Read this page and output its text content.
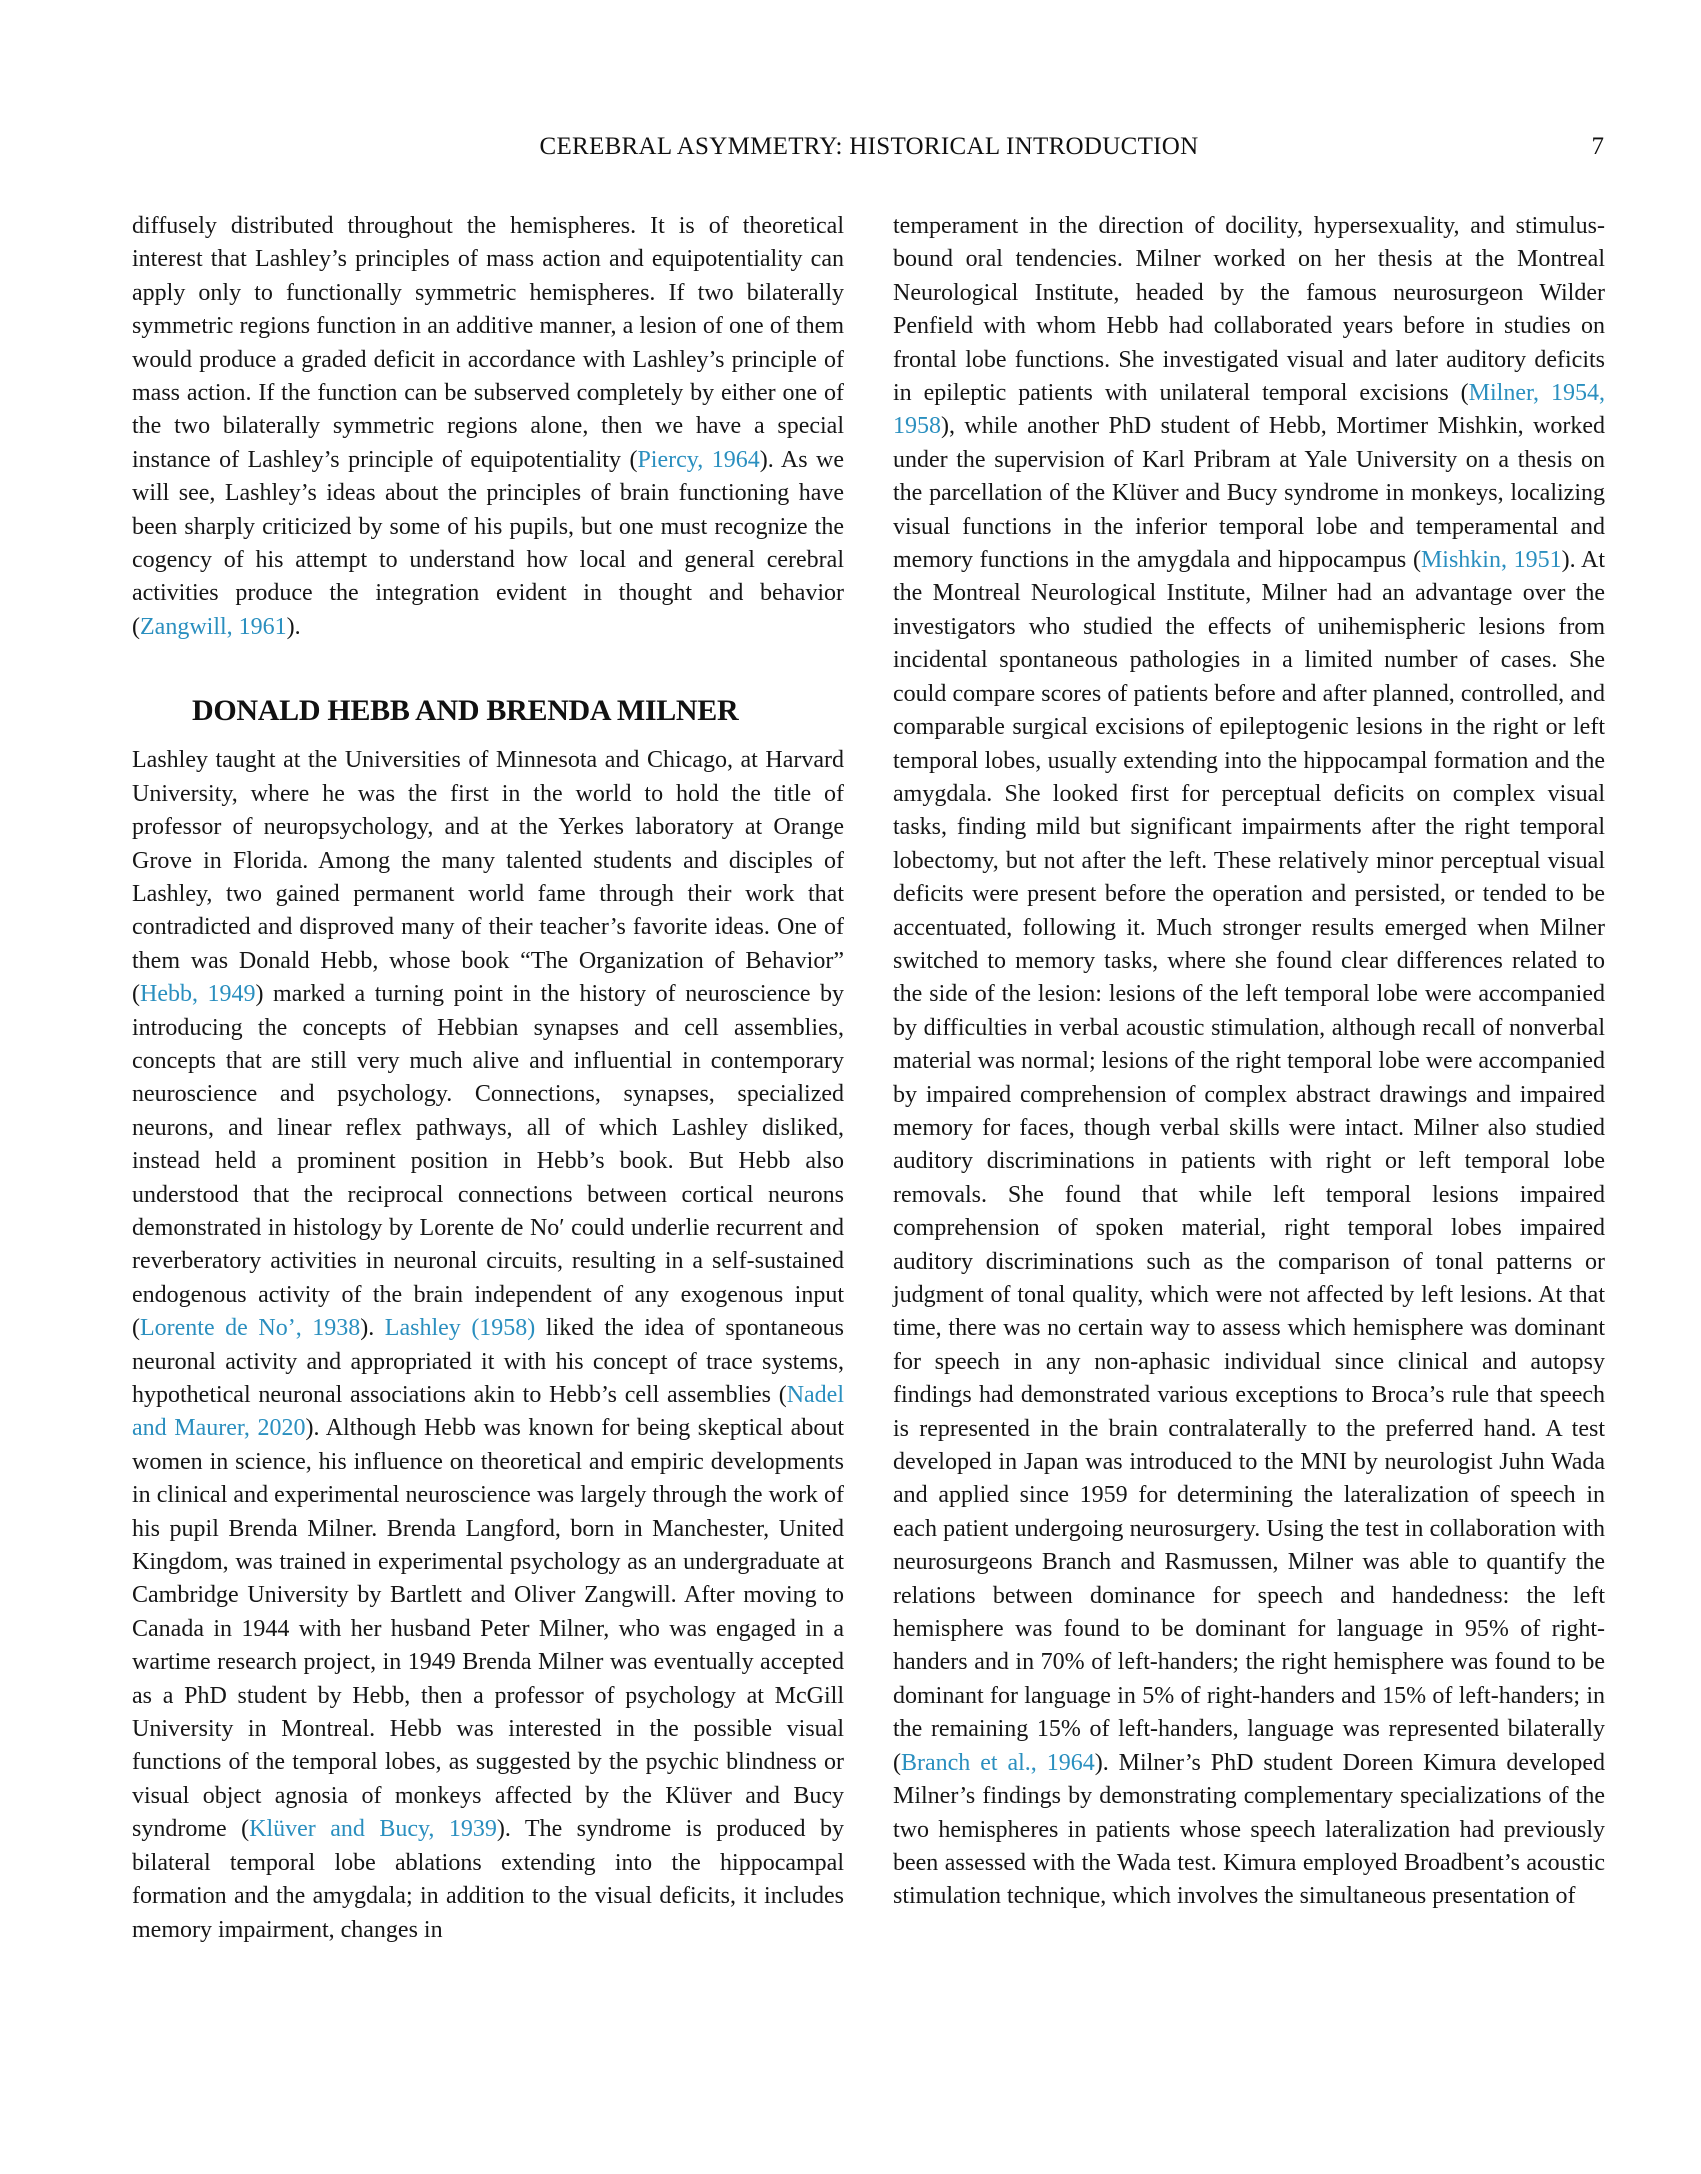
CEREBRAL ASYMMETRY: HISTORICAL INTRODUCTION	7

diffusely distributed throughout the hemispheres. It is of theoretical interest that Lashley’s principles of mass action and equipotentiality can apply only to functionally symmetric hemispheres. If two bilaterally symmetric regions function in an additive manner, a lesion of one of them would produce a graded deficit in accordance with Lashley’s principle of mass action. If the function can be subserved completely by either one of the two bilaterally symmetric regions alone, then we have a special instance of Lashley’s principle of equipotentiality (Piercy, 1964). As we will see, Lashley’s ideas about the principles of brain functioning have been sharply criticized by some of his pupils, but one must recognize the cogency of his attempt to understand how local and general cerebral activities produce the integration evident in thought and behavior (Zangwill, 1961).

DONALD HEBB AND BRENDA MILNER

Lashley taught at the Universities of Minnesota and Chicago, at Harvard University, where he was the first in the world to hold the title of professor of neuropsychology, and at the Yerkes laboratory at Orange Grove in Florida. Among the many talented students and disciples of Lashley, two gained permanent world fame through their work that contradicted and disproved many of their teacher’s favorite ideas. One of them was Donald Hebb, whose book “The Organization of Behavior” (Hebb, 1949) marked a turning point in the history of neuroscience by introducing the concepts of Hebbian synapses and cell assemblies, concepts that are still very much alive and influential in contemporary neuroscience and psychology. Connections, synapses, specialized neurons, and linear reflex pathways, all of which Lashley disliked, instead held a prominent position in Hebb’s book. But Hebb also understood that the reciprocal connections between cortical neurons demonstrated in histology by Lorente de No′ could underlie recurrent and reverberatory activities in neuronal circuits, resulting in a self-sustained endogenous activity of the brain independent of any exogenous input (Lorente de No’, 1938). Lashley (1958) liked the idea of spontaneous neuronal activity and appropriated it with his concept of trace systems, hypothetical neuronal associations akin to Hebb’s cell assemblies (Nadel and Maurer, 2020). Although Hebb was known for being skeptical about women in science, his influence on theoretical and empiric developments in clinical and experimental neuroscience was largely through the work of his pupil Brenda Milner. Brenda Langford, born in Manchester, United Kingdom, was trained in experimental psychology as an undergraduate at Cambridge University by Bartlett and Oliver Zangwill. After moving to Canada in 1944 with her husband Peter Milner, who was engaged in a wartime research project, in 1949 Brenda Milner was eventually accepted as a PhD student by Hebb, then a professor of psychology at McGill University in Montreal. Hebb was interested in the possible visual functions of the temporal lobes, as suggested by the psychic blindness or visual object agnosia of monkeys affected by the Klüver and Bucy syndrome (Klüver and Bucy, 1939). The syndrome is produced by bilateral temporal lobe ablations extending into the hippocampal formation and the amygdala; in addition to the visual deficits, it includes memory impairment, changes in

temperament in the direction of docility, hypersexuality, and stimulus-bound oral tendencies. Milner worked on her thesis at the Montreal Neurological Institute, headed by the famous neurosurgeon Wilder Penfield with whom Hebb had collaborated years before in studies on frontal lobe functions. She investigated visual and later auditory deficits in epileptic patients with unilateral temporal excisions (Milner, 1954, 1958), while another PhD student of Hebb, Mortimer Mishkin, worked under the supervision of Karl Pribram at Yale University on a thesis on the parcellation of the Klüver and Bucy syndrome in monkeys, localizing visual functions in the inferior temporal lobe and temperamental and memory functions in the amygdala and hippocampus (Mishkin, 1951). At the Montreal Neurological Institute, Milner had an advantage over the investigators who studied the effects of unihemispheric lesions from incidental spontaneous pathologies in a limited number of cases. She could compare scores of patients before and after planned, controlled, and comparable surgical excisions of epileptogenic lesions in the right or left temporal lobes, usually extending into the hippocampal formation and the amygdala. She looked first for perceptual deficits on complex visual tasks, finding mild but significant impairments after the right temporal lobectomy, but not after the left. These relatively minor perceptual visual deficits were present before the operation and persisted, or tended to be accentuated, following it. Much stronger results emerged when Milner switched to memory tasks, where she found clear differences related to the side of the lesion: lesions of the left temporal lobe were accompanied by difficulties in verbal acoustic stimulation, although recall of nonverbal material was normal; lesions of the right temporal lobe were accompanied by impaired comprehension of complex abstract drawings and impaired memory for faces, though verbal skills were intact. Milner also studied auditory discriminations in patients with right or left temporal lobe removals. She found that while left temporal lesions impaired comprehension of spoken material, right temporal lobes impaired auditory discriminations such as the comparison of tonal patterns or judgment of tonal quality, which were not affected by left lesions. At that time, there was no certain way to assess which hemisphere was dominant for speech in any non-aphasic individual since clinical and autopsy findings had demonstrated various exceptions to Broca’s rule that speech is represented in the brain contralaterally to the preferred hand. A test developed in Japan was introduced to the MNI by neurologist Juhn Wada and applied since 1959 for determining the lateralization of speech in each patient undergoing neurosurgery. Using the test in collaboration with neurosurgeons Branch and Rasmussen, Milner was able to quantify the relations between dominance for speech and handedness: the left hemisphere was found to be dominant for language in 95% of right-handers and in 70% of left-handers; the right hemisphere was found to be dominant for language in 5% of right-handers and 15% of left-handers; in the remaining 15% of left-handers, language was represented bilaterally (Branch et al., 1964). Milner’s PhD student Doreen Kimura developed Milner’s findings by demonstrating complementary specializations of the two hemispheres in patients whose speech lateralization had previously been assessed with the Wada test. Kimura employed Broadbent’s acoustic stimulation technique, which involves the simultaneous presentation of
